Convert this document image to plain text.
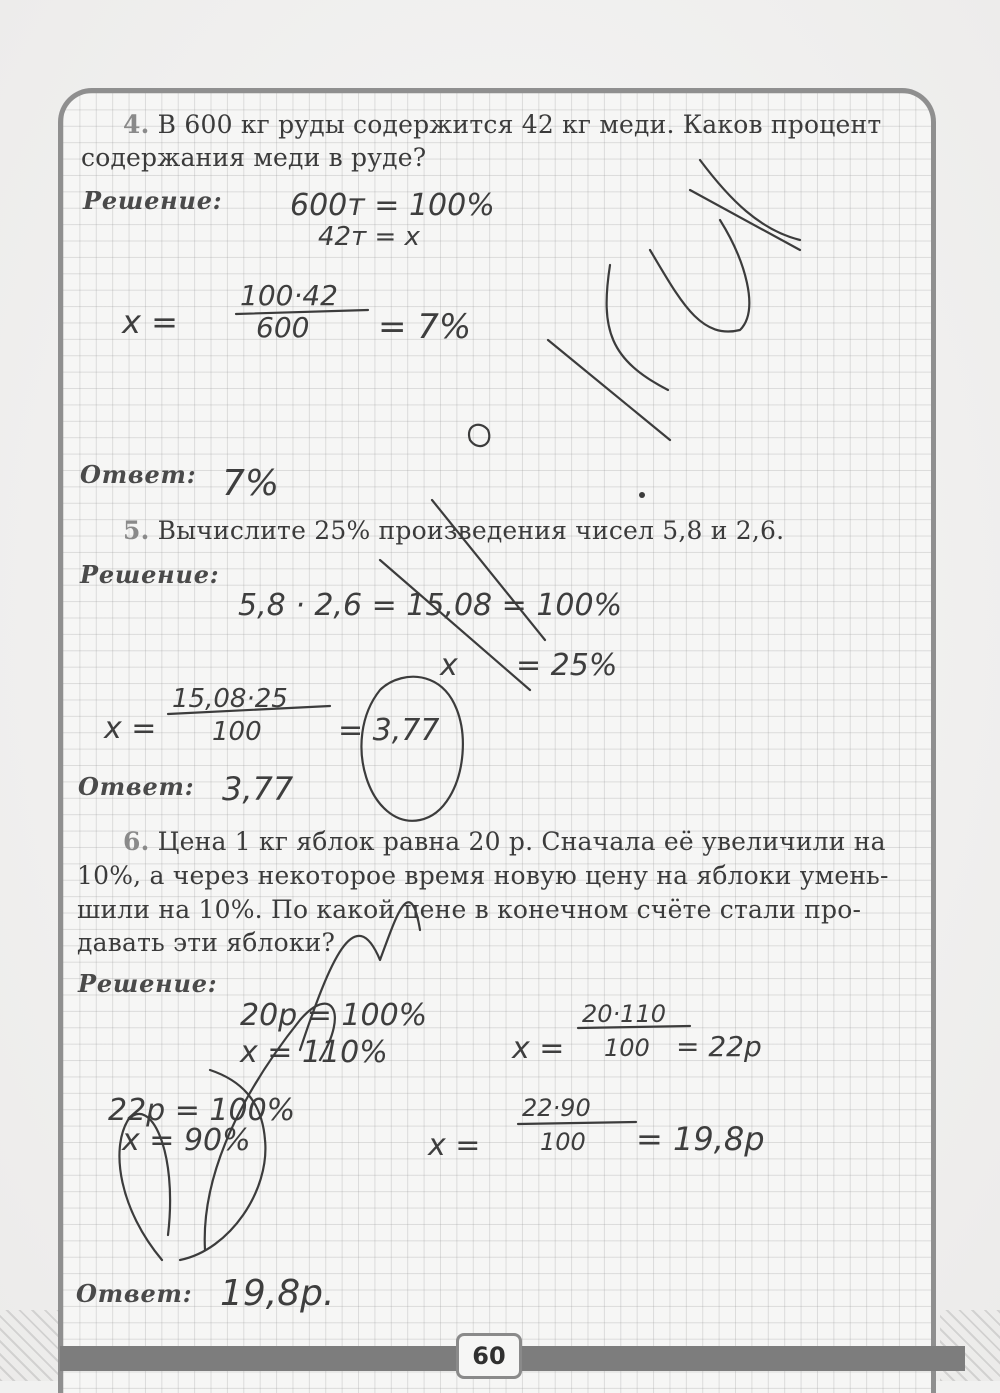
4. В 600 кг руды содержится 42 кг меди. Каков процент
содержания меди в руде?
Решение:
Ответ:
5. Вычислите 25% произведения чисел 5,8 и 2,6.
Решение:
Ответ:
6. Цена 1 кг яблок равна 20 р. Сначала её увеличили на
10%, а через некоторое время новую цену на яблоки умень-
шили на 10%. По какой цене в конечном счёте стали про-
давать эти яблоки?
Решение:
Ответ:
600т = 100%
42т = х
х =
100·42
600 = 7%
7%
5,8 · 2,6 = 15,08 = 100%
х = 25%
х =
15,08·25
100	= 3,77
3,77
20р = 100%
х = 110%	х =
20·110
100 = 22р
22р = 100%
х = 90%	х =
22·90
100 = 19,8р
19,8р.
60
